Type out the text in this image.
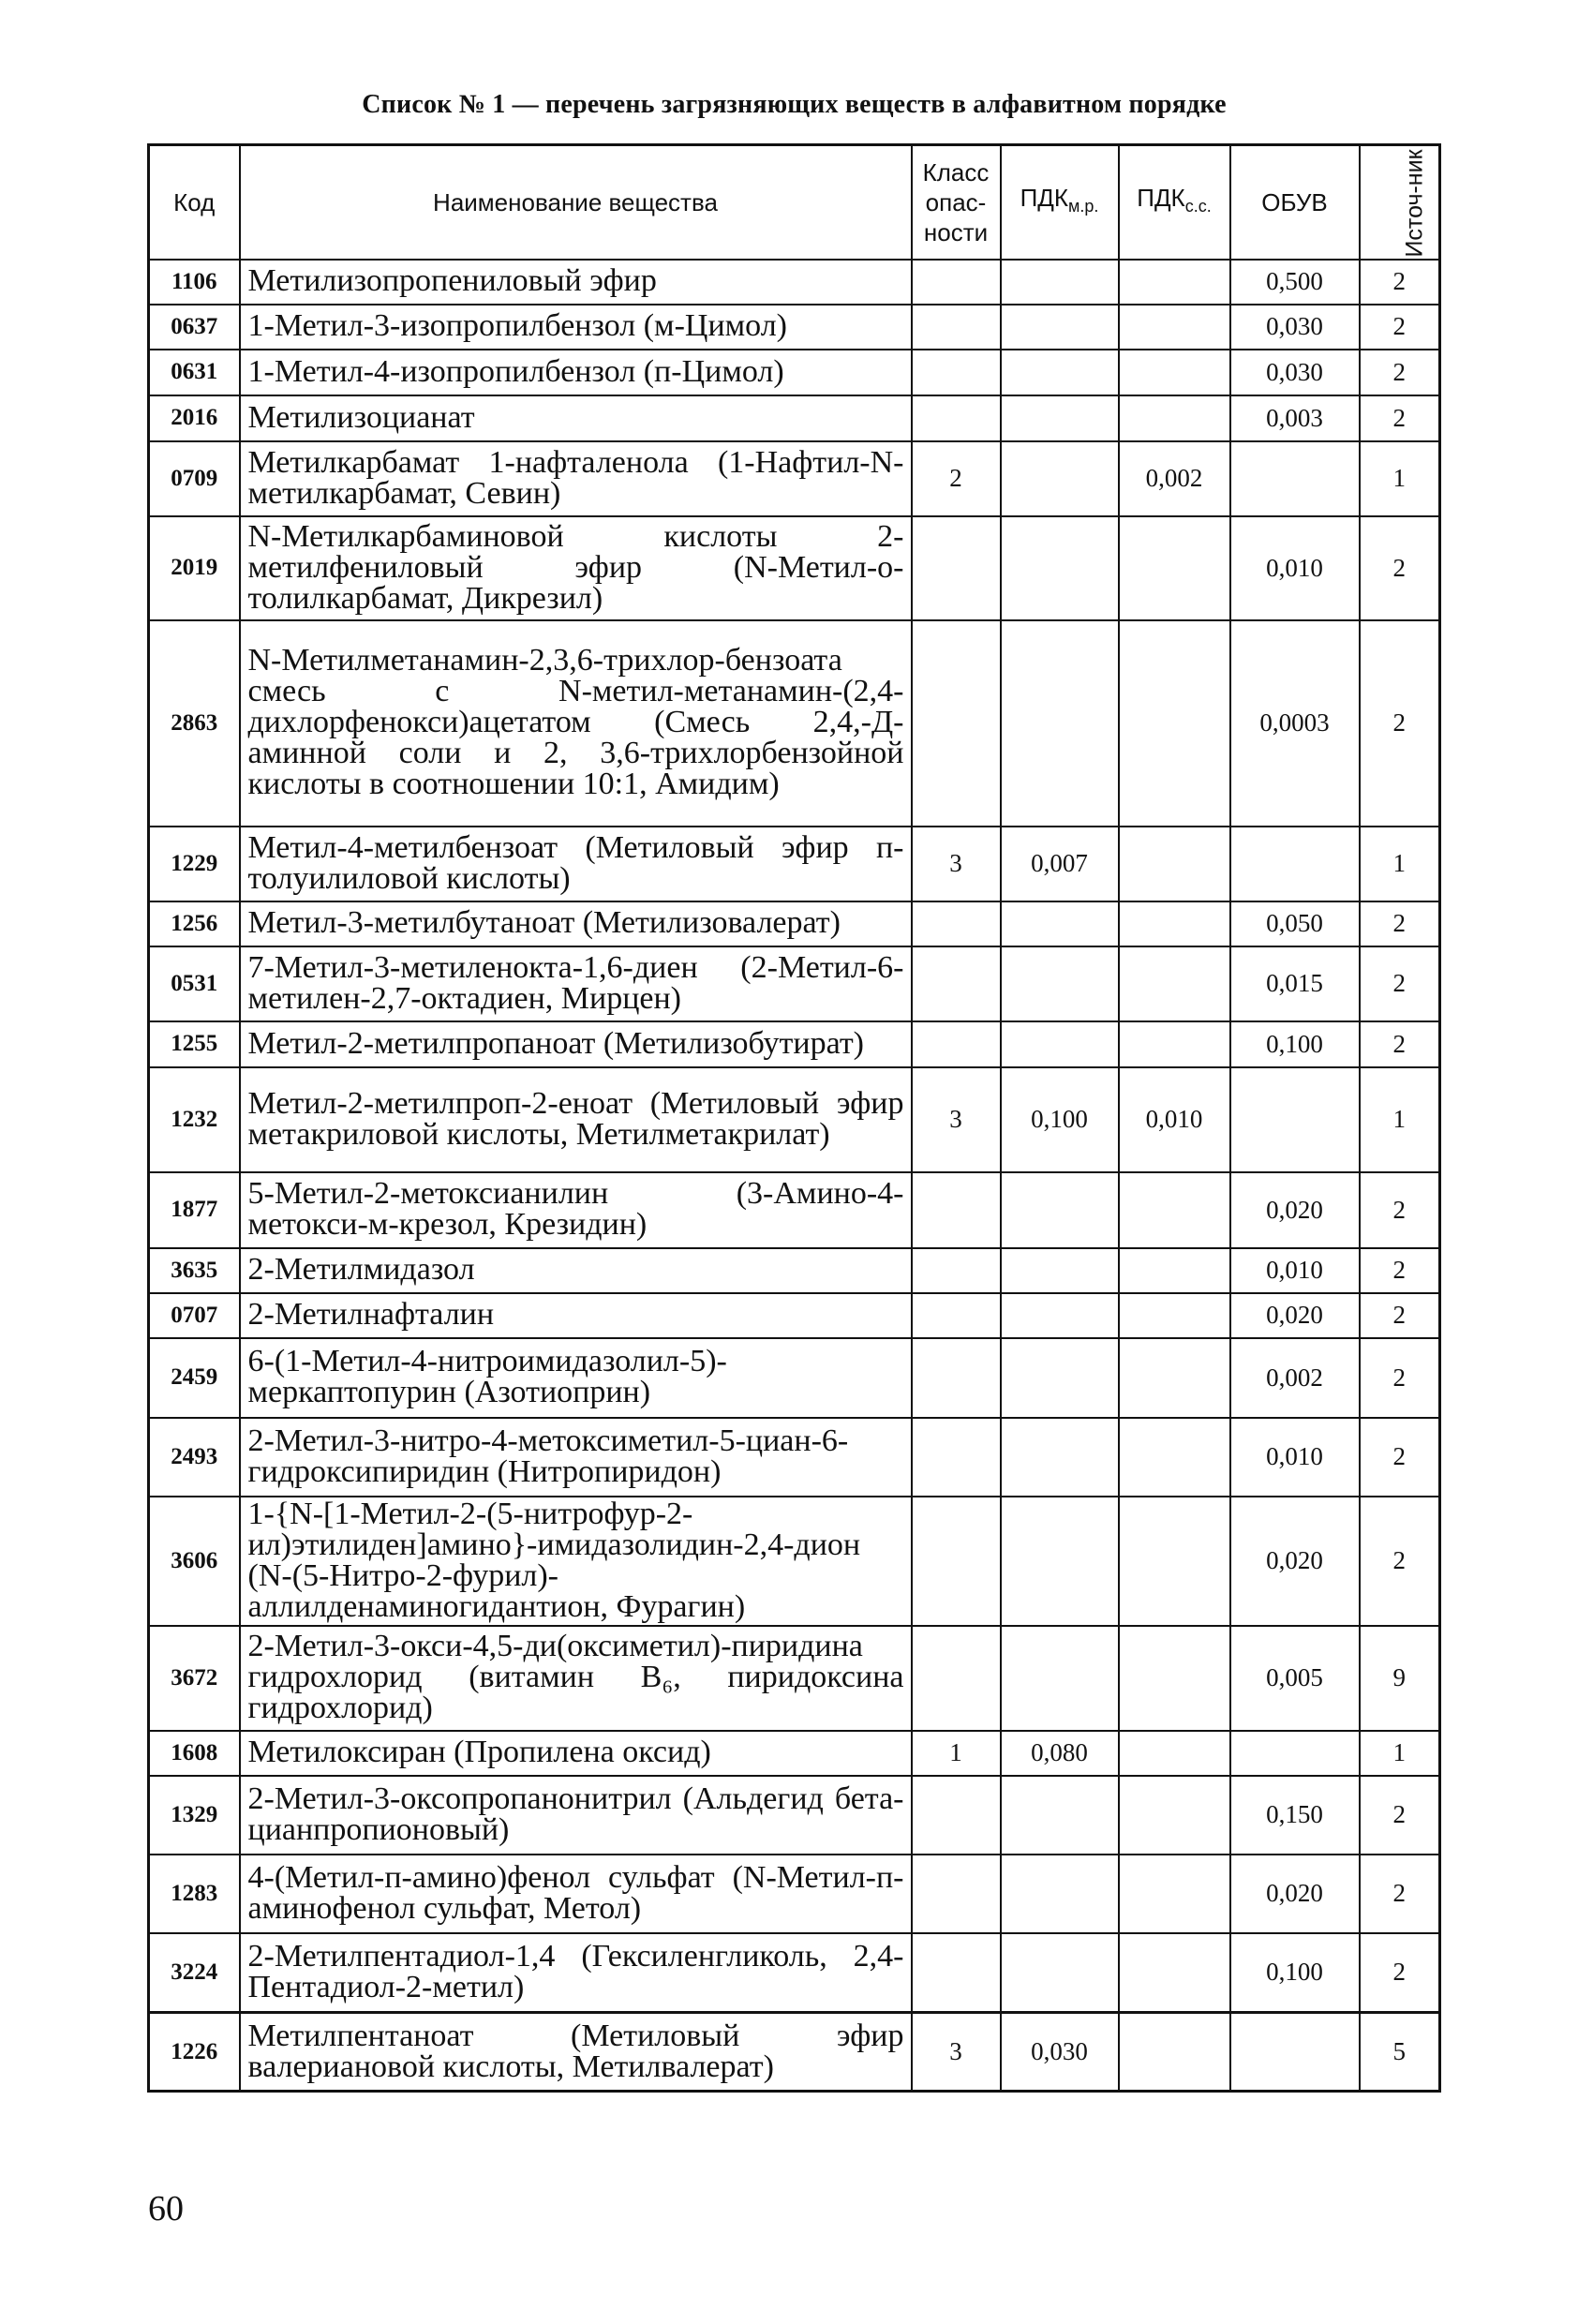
Список № 1 — перечень загрязняющих веществ в алфавитном порядке
Код	Наименование вещества	Класс опас-ности	$ПДК_{м.р.}$	$ПДК_{с.с.}$	ОБУВ	Источ-ник
1106	Метилизопропениловый эфир				0,500	2
0637	1-Метил-3-изопропилбензол (м-Цимол)				0,030	2
0631	1-Метил-4-изопропилбензол (п-Цимол)				0,030	2
2016	Метилизоцианат				0,003	2
0709	Метилкарбамат 1-нафталенола (1-Нафтил-N-метилкарбамат, Севин)	2		0,002		1
2019	N-Метилкарбаминовой кислоты 2-метилфениловый эфир (N-Метил-о-толилкарбамат, Дикрезил)				0,010	2
2863	N-Метилметанамин-2,3,6-трихлор-бензоата смесь с N-метил-метанамин-(2,4-дихлорфенокси)ацетатом (Смесь 2,4,-Д-аминной соли и 2, 3,6-трихлорбензойной кислоты в соотношении 10:1, Амидим)				0,0003	2
1229	Метил-4-метилбензоат (Метиловый эфир п-толуилиловой кислоты)	3	0,007			1
1256	Метил-3-метилбутаноат (Метилизовалерат)				0,050	2
0531	7-Метил-3-метиленокта-1,6-диен (2-Метил-6-метилен-2,7-октадиен, Мирцен)				0,015	2
1255	Метил-2-метилпропаноат (Метилизобутират)				0,100	2
1232	Метил-2-метилпроп-2-еноат (Метиловый эфир метакриловой кислоты, Метилметакрилат)	3	0,100	0,010		1
1877	5-Метил-2-метоксианилин (3-Амино-4-метокси-м-крезол, Крезидин)				0,020	2
3635	2-Метилмидазол				0,010	2
0707	2-Метилнафталин				0,020	2
2459	6-(1-Метил-4-нитроимидазолил-5)-меркаптопурин (Азотиоприн)				0,002	2
2493	2-Метил-3-нитро-4-метоксиметил-5-циан-6-гидроксипиридин (Нитропиридон)				0,010	2
3606	1-{N-[1-Метил-2-(5-нитрофур-2-ил)этилиден]амино}-имидазолидин-2,4-дион (N-(5-Нитро-2-фурил)-аллилденаминогидантион, Фурагин)				0,020	2
3672	2-Метил-3-окси-4,5-ди(оксиметил)-пиридина гидрохлорид (витамин B₆, пиридоксина гидрохлорид)				0,005	9
1608	Метилоксиран (Пропилена оксид)	1	0,080			1
1329	2-Метил-3-оксопропанонитрил (Альдегид бета-цианпропионовый)				0,150	2
1283	4-(Метил-п-амино)фенол сульфат (N-Метил-п-аминофенол сульфат, Метол)				0,020	2
3224	2-Метилпентадиол-1,4 (Гексиленгликоль, 2,4-Пентадиол-2-метил)				0,100	2
1226	Метилпентаноат (Метиловый эфир валериановой кислоты, Метилвалерат)	3	0,030			5
60
